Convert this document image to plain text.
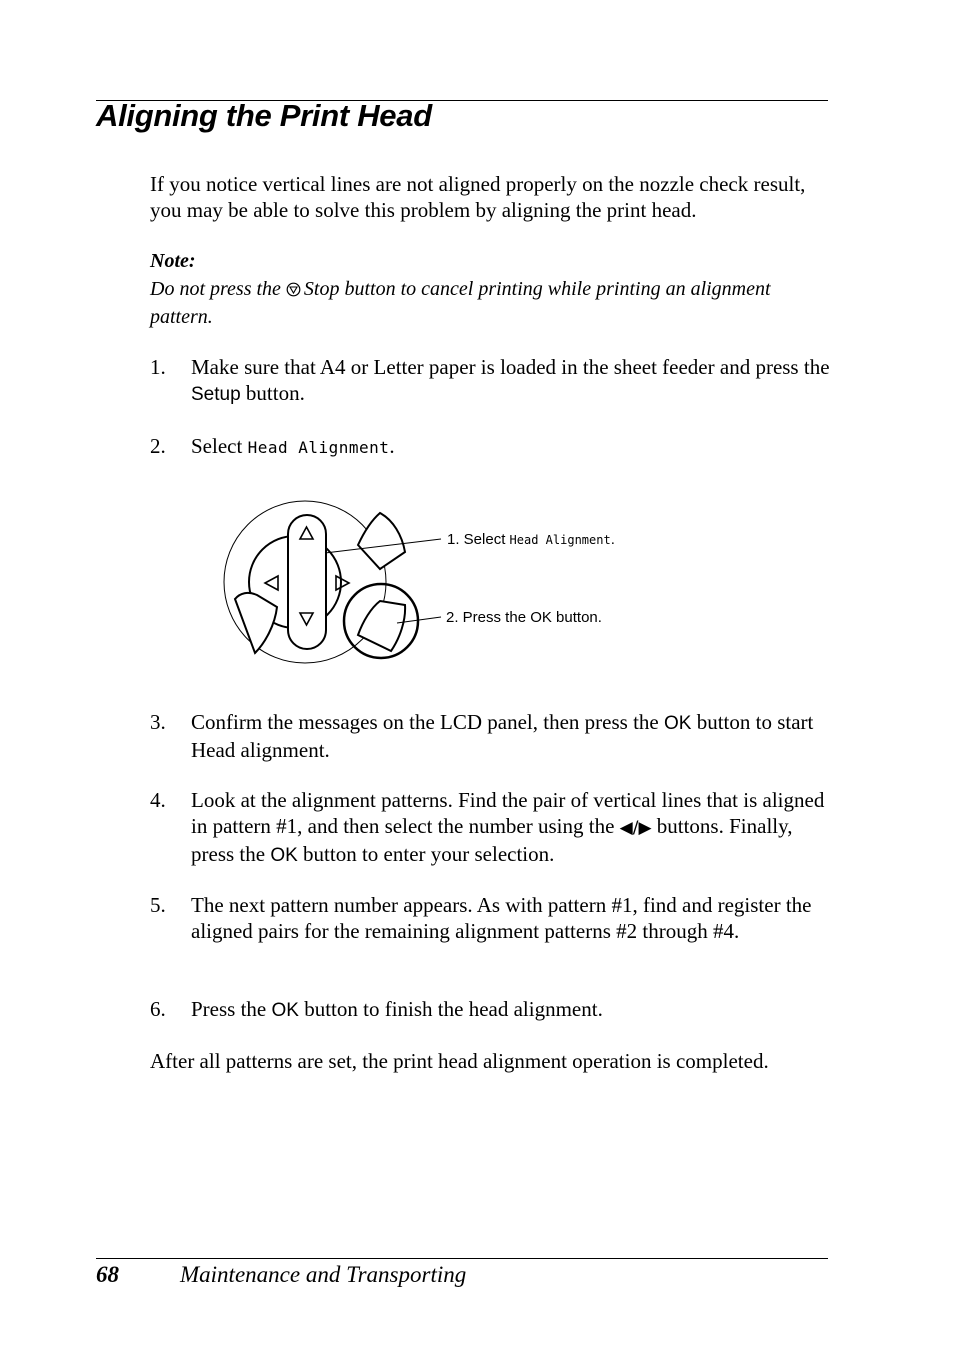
Aligning the Print Head

If you notice vertical lines are not aligned properly on the nozzle check result, you may be able to solve this problem by aligning the print head.

Note:

Do not press the Stop button to cancel printing while printing an alignment pattern.

1. Make sure that A4 or Letter paper is loaded in the sheet feeder and press the Setup button.
2. Select Head Alignment.
1. Select Head Alignment.
2. Press the OK button.
3. Confirm the messages on the LCD panel, then press the OK button to start Head alignment.
4. Look at the alignment patterns. Find the pair of vertical lines that is aligned in pattern #1, and then select the number using the ◀/▶ buttons. Finally, press the OK button to enter your selection.
5. The next pattern number appears. As with pattern #1, find and register the aligned pairs for the remaining alignment patterns #2 through #4.
6. Press the OK button to finish the head alignment.

After all patterns are set, the print head alignment operation is completed.

68	Maintenance and Transporting
